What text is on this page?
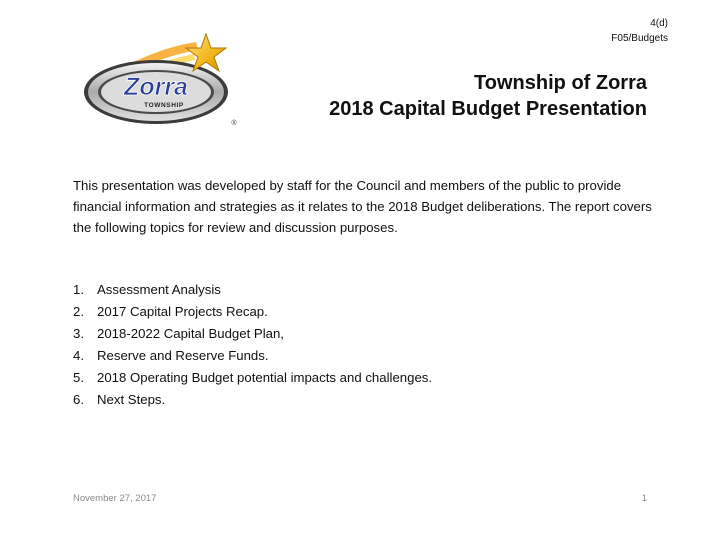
4(d)
F05/Budgets
Zorra
TOWNSHIP
®
Township of Zorra
2018 Capital Budget Presentation
This presentation was developed by staff for the Council and members of the public to provide financial information and strategies as it relates to the 2018 Budget deliberations. The report covers the following topics for review and discussion purposes.
1. Assessment Analysis
2. 2017 Capital Projects Recap.
3. 2018-2022 Capital Budget Plan,
4. Reserve and Reserve Funds.
5. 2018 Operating Budget potential impacts and challenges.
6. Next Steps.
November 27, 2017	1
